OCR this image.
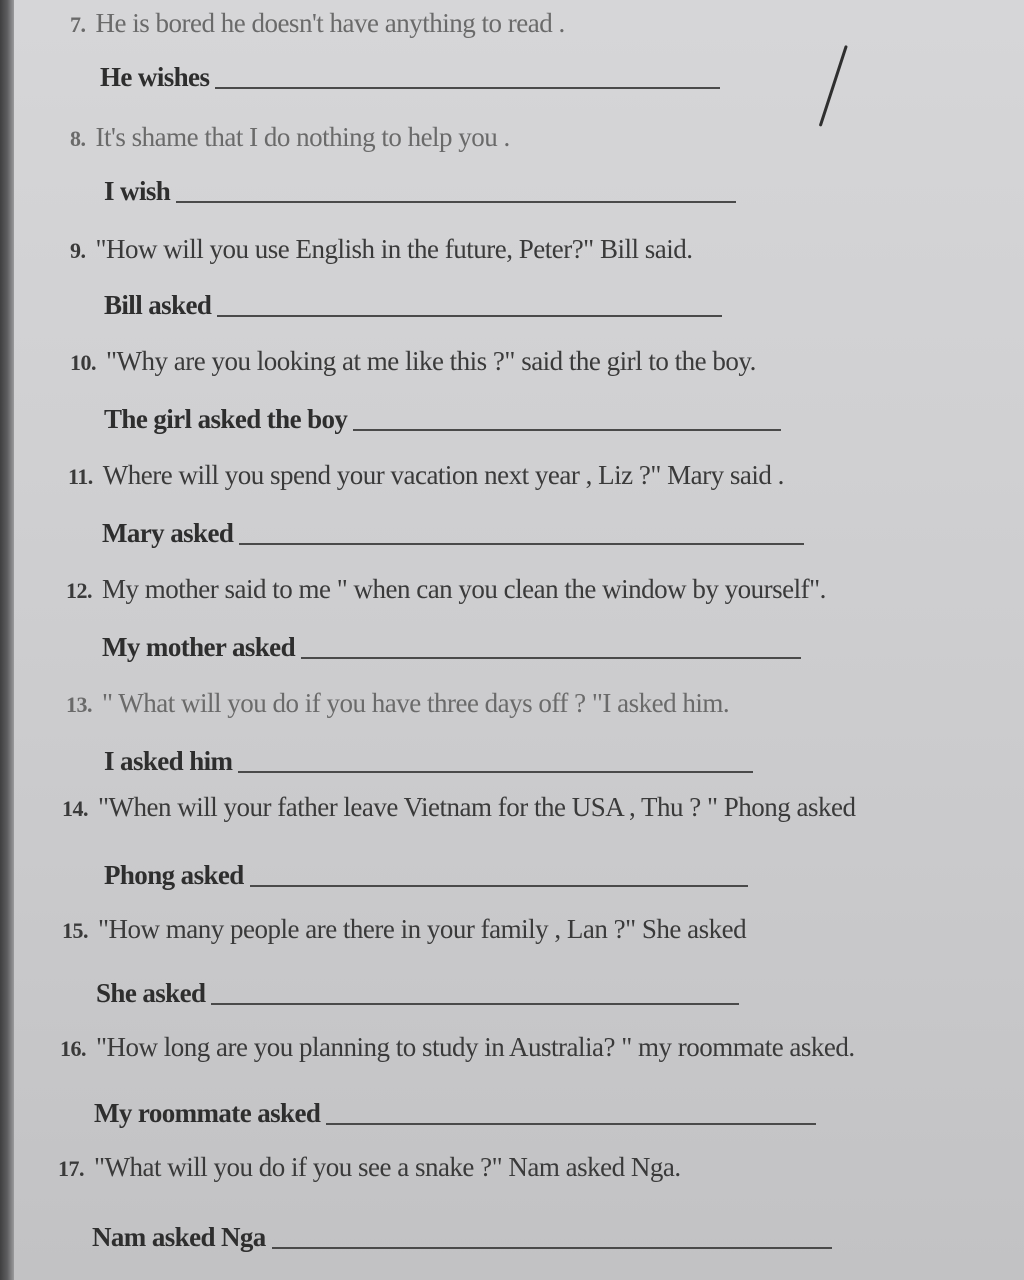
7. He is bored he doesn't have anything to read .
He wishes
8. It's shame that I do nothing to help you .
I wish
9. "How will you use English in the future, Peter?" Bill said.
Bill asked
10. "Why are you looking at me like this ?" said the girl to the boy.
The girl asked the boy
11. Where will you spend your vacation next year , Liz ?" Mary said .
Mary asked
12. My mother said to me " when can you clean the window by yourself".
My mother asked
13. " What will you do if you have three days off ? "I asked him.
I asked him
14. "When will your father leave Vietnam for the USA , Thu ? " Phong asked
Phong asked
15. "How many people are there in your family , Lan ?" She asked
She asked
16. "How long are you planning to study in Australia? " my roommate asked.
My roommate asked
17. "What will you do if you see a snake ?" Nam asked Nga.
Nam asked Nga
